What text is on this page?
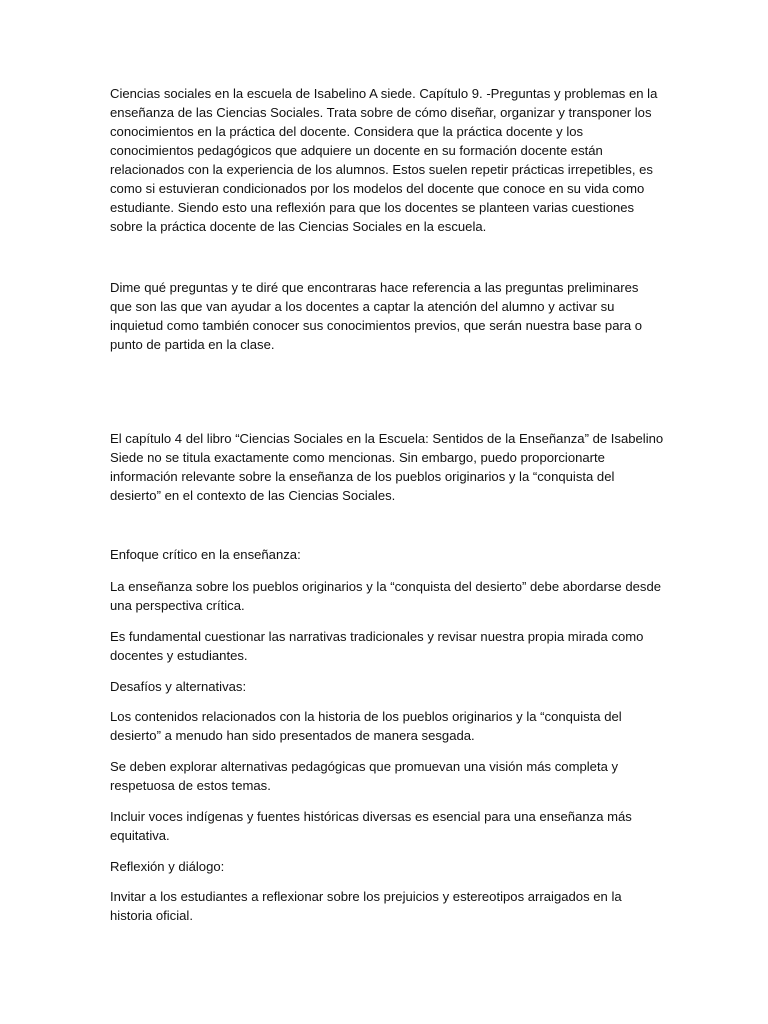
Ciencias sociales en la escuela de Isabelino A siede. Capítulo 9. -Preguntas y problemas en la
enseñanza de las Ciencias Sociales. Trata sobre de cómo diseñar, organizar y transponer los
conocimientos en la práctica del docente. Considera que la práctica docente y los
conocimientos pedagógicos que adquiere un docente en su formación docente están
relacionados con la experiencia de los alumnos. Estos suelen repetir prácticas irrepetibles, es
como si estuvieran condicionados por los modelos del docente que conoce en su vida como
estudiante. Siendo esto una reflexión para que los docentes se planteen varias cuestiones
sobre la práctica docente de las Ciencias Sociales en la escuela.

Dime qué preguntas y te diré que encontraras hace referencia a las preguntas preliminares
que son las que van ayudar a los docentes a captar la atención del alumno y activar su
inquietud como también conocer sus conocimientos previos, que serán nuestra base para o
punto de partida en la clase.

El capítulo 4 del libro “Ciencias Sociales en la Escuela: Sentidos de la Enseñanza” de Isabelino
Siede no se titula exactamente como mencionas. Sin embargo, puedo proporcionarte
información relevante sobre la enseñanza de los pueblos originarios y la “conquista del
desierto” en el contexto de las Ciencias Sociales.

Enfoque crítico en la enseñanza:

La enseñanza sobre los pueblos originarios y la “conquista del desierto” debe abordarse desde
una perspectiva crítica.

Es fundamental cuestionar las narrativas tradicionales y revisar nuestra propia mirada como
docentes y estudiantes.

Desafíos y alternativas:

Los contenidos relacionados con la historia de los pueblos originarios y la “conquista del
desierto” a menudo han sido presentados de manera sesgada.

Se deben explorar alternativas pedagógicas que promuevan una visión más completa y
respetuosa de estos temas.

Incluir voces indígenas y fuentes históricas diversas es esencial para una enseñanza más
equitativa.

Reflexión y diálogo:

Invitar a los estudiantes a reflexionar sobre los prejuicios y estereotipos arraigados en la
historia oficial.
